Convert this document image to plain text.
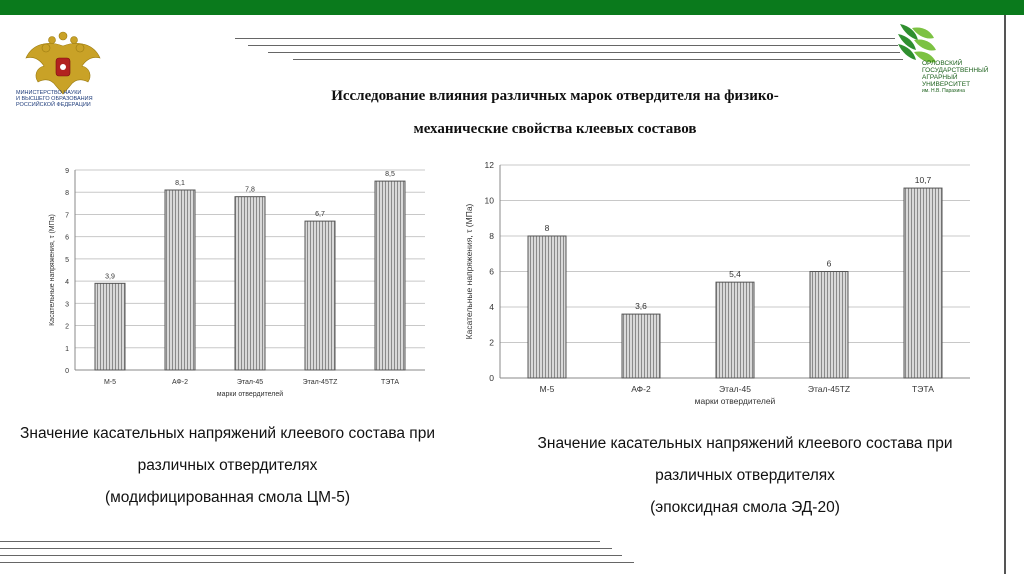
МИНИСТЕРСТВО НАУКИ
И ВЫСШЕГО ОБРАЗОВАНИЯ
РОССИЙСКОЙ ФЕДЕРАЦИИ
ОРЛОВСКИЙ
ГОСУДАРСТВЕННЫЙ
АГРАРНЫЙ
УНИВЕРСИТЕТ
им. Н.В. Парахина
Исследование влияния различных марок отвердителя на физико-
механические свойства клеевых составов
0
1
2
3
4
5
6
7
8
9
3,9
М-5
8,1
АФ-2
7,8
Этал-45
6,7
Этал-45TZ
8,5
ТЭТА
марки отвердителей
Касательные напряжения, τ (МПа)
0
2
4
6
8
10
12
8
М-5
3,6
АФ-2
5,4
Этал-45
6
Этал-45TZ
10,7
ТЭТА
марки отвердителей
Касательные напряжения, τ (МПа)
Значение касательных напряжений клеевого состава при
различных отвердителях
(модифицированная смола ЦМ-5)
Значение касательных напряжений клеевого состава при
различных отвердителях
(эпоксидная смола ЭД-20)
